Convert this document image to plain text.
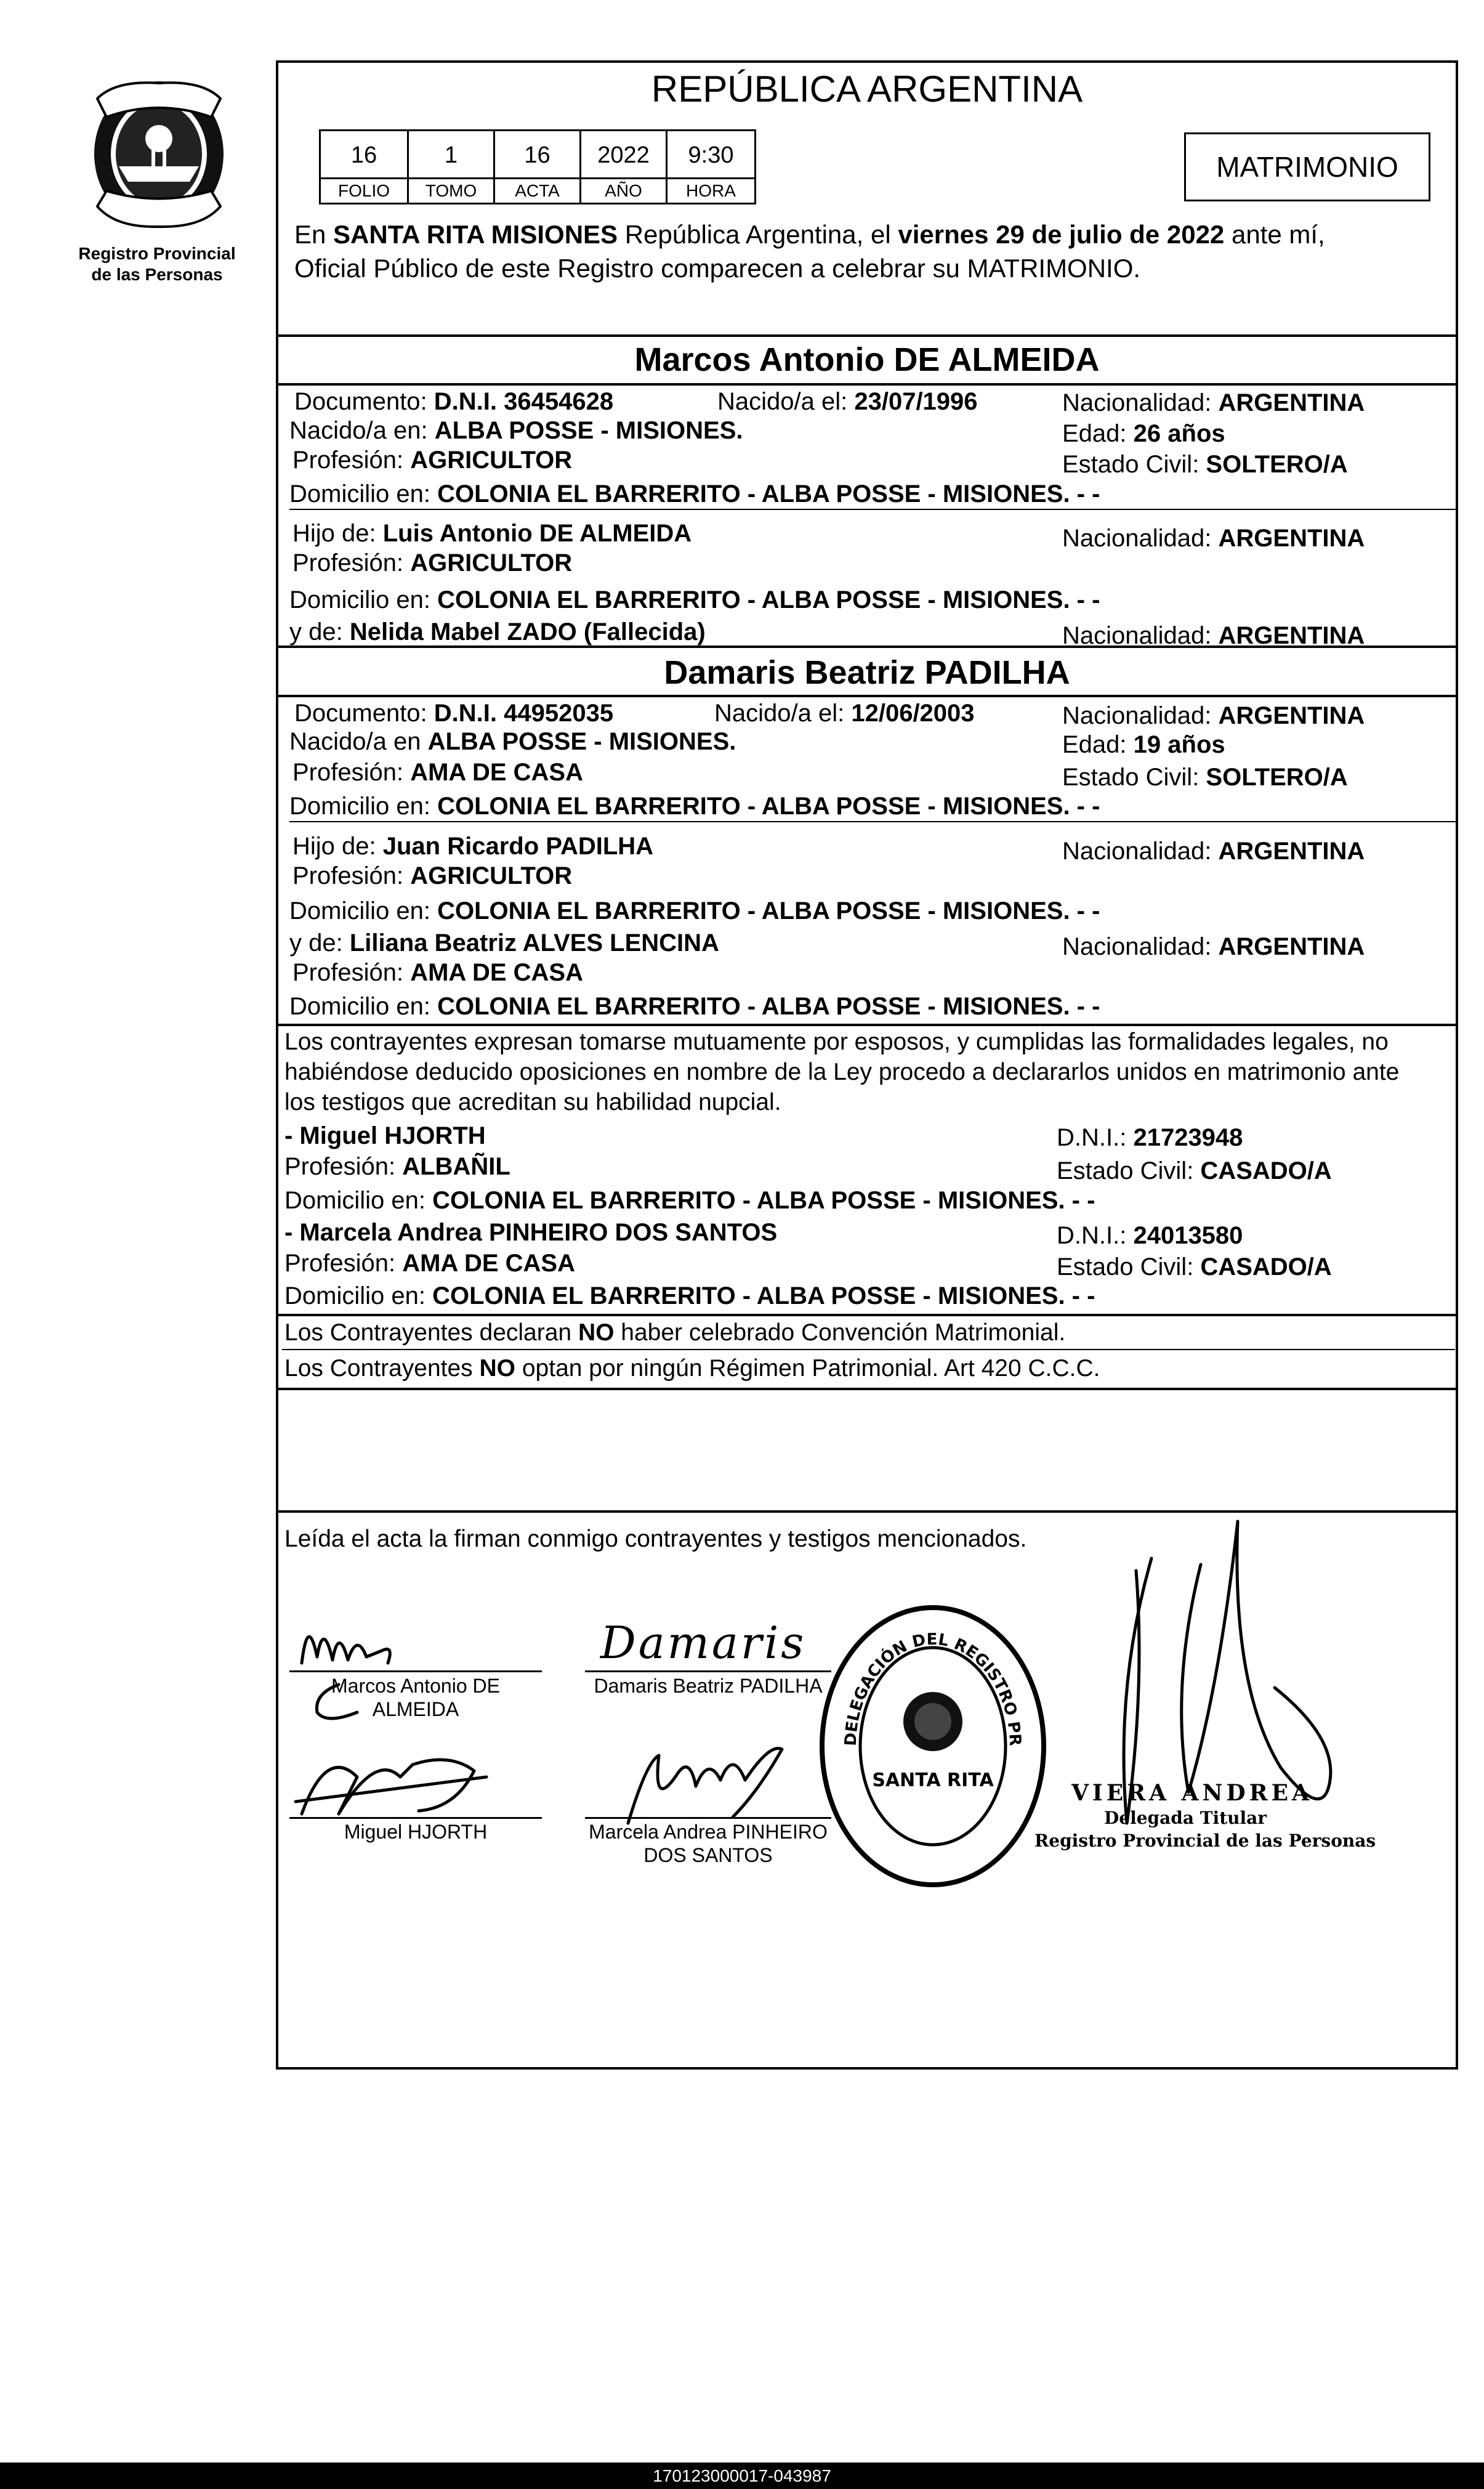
Registro Provincial
de las Personas
REPÚBLICA ARGENTINA
16	1	16	2022	9:30
FOLIO	TOMO	ACTA	AÑO	HORA
MATRIMONIO
En SANTA RITA MISIONES República Argentina, el viernes 29 de julio de 2022 ante mí,
Oficial Público de este Registro comparecen a celebrar su MATRIMONIO.
Marcos Antonio DE ALMEIDA
Documento: D.N.I. 36454628	Nacido/a el: 23/07/1996	Nacionalidad: ARGENTINA
Nacido/a en: ALBA POSSE - MISIONES.	Edad: 26 años
Profesión: AGRICULTOR	Estado Civil: SOLTERO/A
Domicilio en: COLONIA EL BARRERITO - ALBA POSSE - MISIONES. - -
Hijo de: Luis Antonio DE ALMEIDA	Nacionalidad: ARGENTINA
Profesión: AGRICULTOR
Domicilio en: COLONIA EL BARRERITO - ALBA POSSE - MISIONES. - -
y de: Nelida Mabel ZADO (Fallecida)	Nacionalidad: ARGENTINA
Damaris Beatriz PADILHA
Documento: D.N.I. 44952035	Nacido/a el: 12/06/2003	Nacionalidad: ARGENTINA
Nacido/a en ALBA POSSE - MISIONES.	Edad: 19 años
Profesión: AMA DE CASA	Estado Civil: SOLTERO/A
Domicilio en: COLONIA EL BARRERITO - ALBA POSSE - MISIONES. - -
Hijo de: Juan Ricardo PADILHA	Nacionalidad: ARGENTINA
Profesión: AGRICULTOR
Domicilio en: COLONIA EL BARRERITO - ALBA POSSE - MISIONES. - -
y de: Liliana Beatriz ALVES LENCINA	Nacionalidad: ARGENTINA
Profesión: AMA DE CASA
Domicilio en: COLONIA EL BARRERITO - ALBA POSSE - MISIONES. - -
Los contrayentes expresan tomarse mutuamente por esposos, y cumplidas las formalidades legales, no
habiéndose deducido oposiciones en nombre de la Ley procedo a declararlos unidos en matrimonio ante
los testigos que acreditan su habilidad nupcial.
- Miguel HJORTH	D.N.I.: 21723948
Profesión: ALBAÑIL	Estado Civil: CASADO/A
Domicilio en: COLONIA EL BARRERITO - ALBA POSSE - MISIONES. - -
- Marcela Andrea PINHEIRO DOS SANTOS	D.N.I.: 24013580
Profesión: AMA DE CASA	Estado Civil: CASADO/A
Domicilio en: COLONIA EL BARRERITO - ALBA POSSE - MISIONES. - -
Los Contrayentes declaran NO haber celebrado Convención Matrimonial.
Los Contrayentes NO optan por ningún Régimen Patrimonial. Art 420 C.C.C.
Leída el acta la firman conmigo contrayentes y testigos mencionados.
Marcos Antonio DE
ALMEIDA
Damaris
Damaris Beatriz PADILHA
Miguel HJORTH	Marcela Andrea PINHEIRO
DOS SANTOS
DELEGACIÓN DEL REGISTRO PR
SANTA RITA	VIERA ANDREA
Delegada Titular
Registro Provincial de las Personas
170123000017-043987
